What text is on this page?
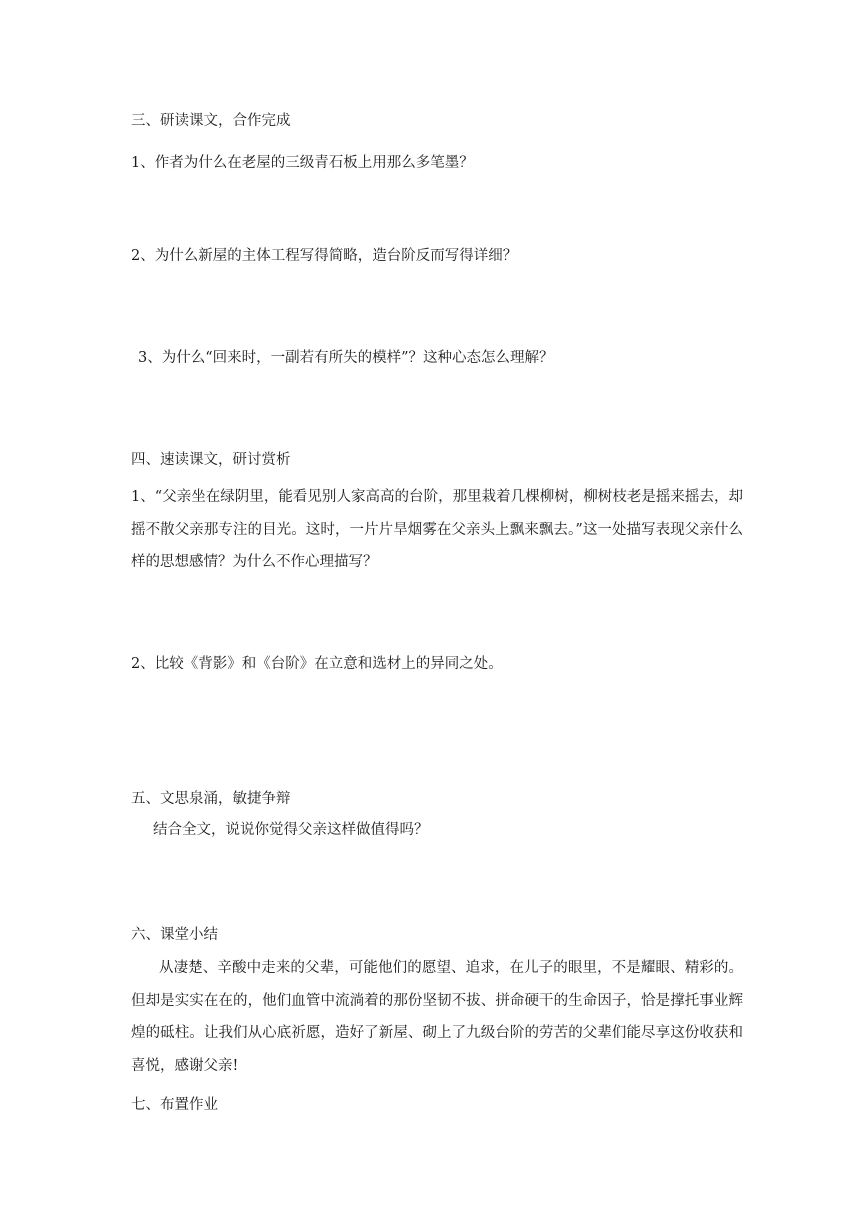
三、研读课文，合作完成
1、作者为什么在老屋的三级青石板上用那么多笔墨？
2、为什么新屋的主体工程写得简略，造台阶反而写得详细？
3、为什么“回来时，一副若有所失的模样”？这种心态怎么理解？
四、速读课文，研讨赏析
1、“父亲坐在绿阴里，能看见别人家高高的台阶，那里栽着几棵柳树，柳树枝老是摇来摇去，却摇不散父亲那专注的目光。这时，一片片旱烟雾在父亲头上飘来飘去。”这一处描写表现父亲什么样的思想感情？为什么不作心理描写？
2、比较《背影》和《台阶》在立意和选材上的异同之处。
五、文思泉涌，敏捷争辩
结合全文，说说你觉得父亲这样做值得吗？
六、课堂小结
从凄楚、辛酸中走来的父辈，可能他们的愿望、追求，在儿子的眼里，不是耀眼、精彩的。但却是实实在在的，他们血管中流淌着的那份坚韧不拔、拼命硬干的生命因子，恰是撑托事业辉煌的砥柱。让我们从心底祈愿，造好了新屋、砌上了九级台阶的劳苦的父辈们能尽享这份收获和喜悦，感谢父亲!
七、布置作业
